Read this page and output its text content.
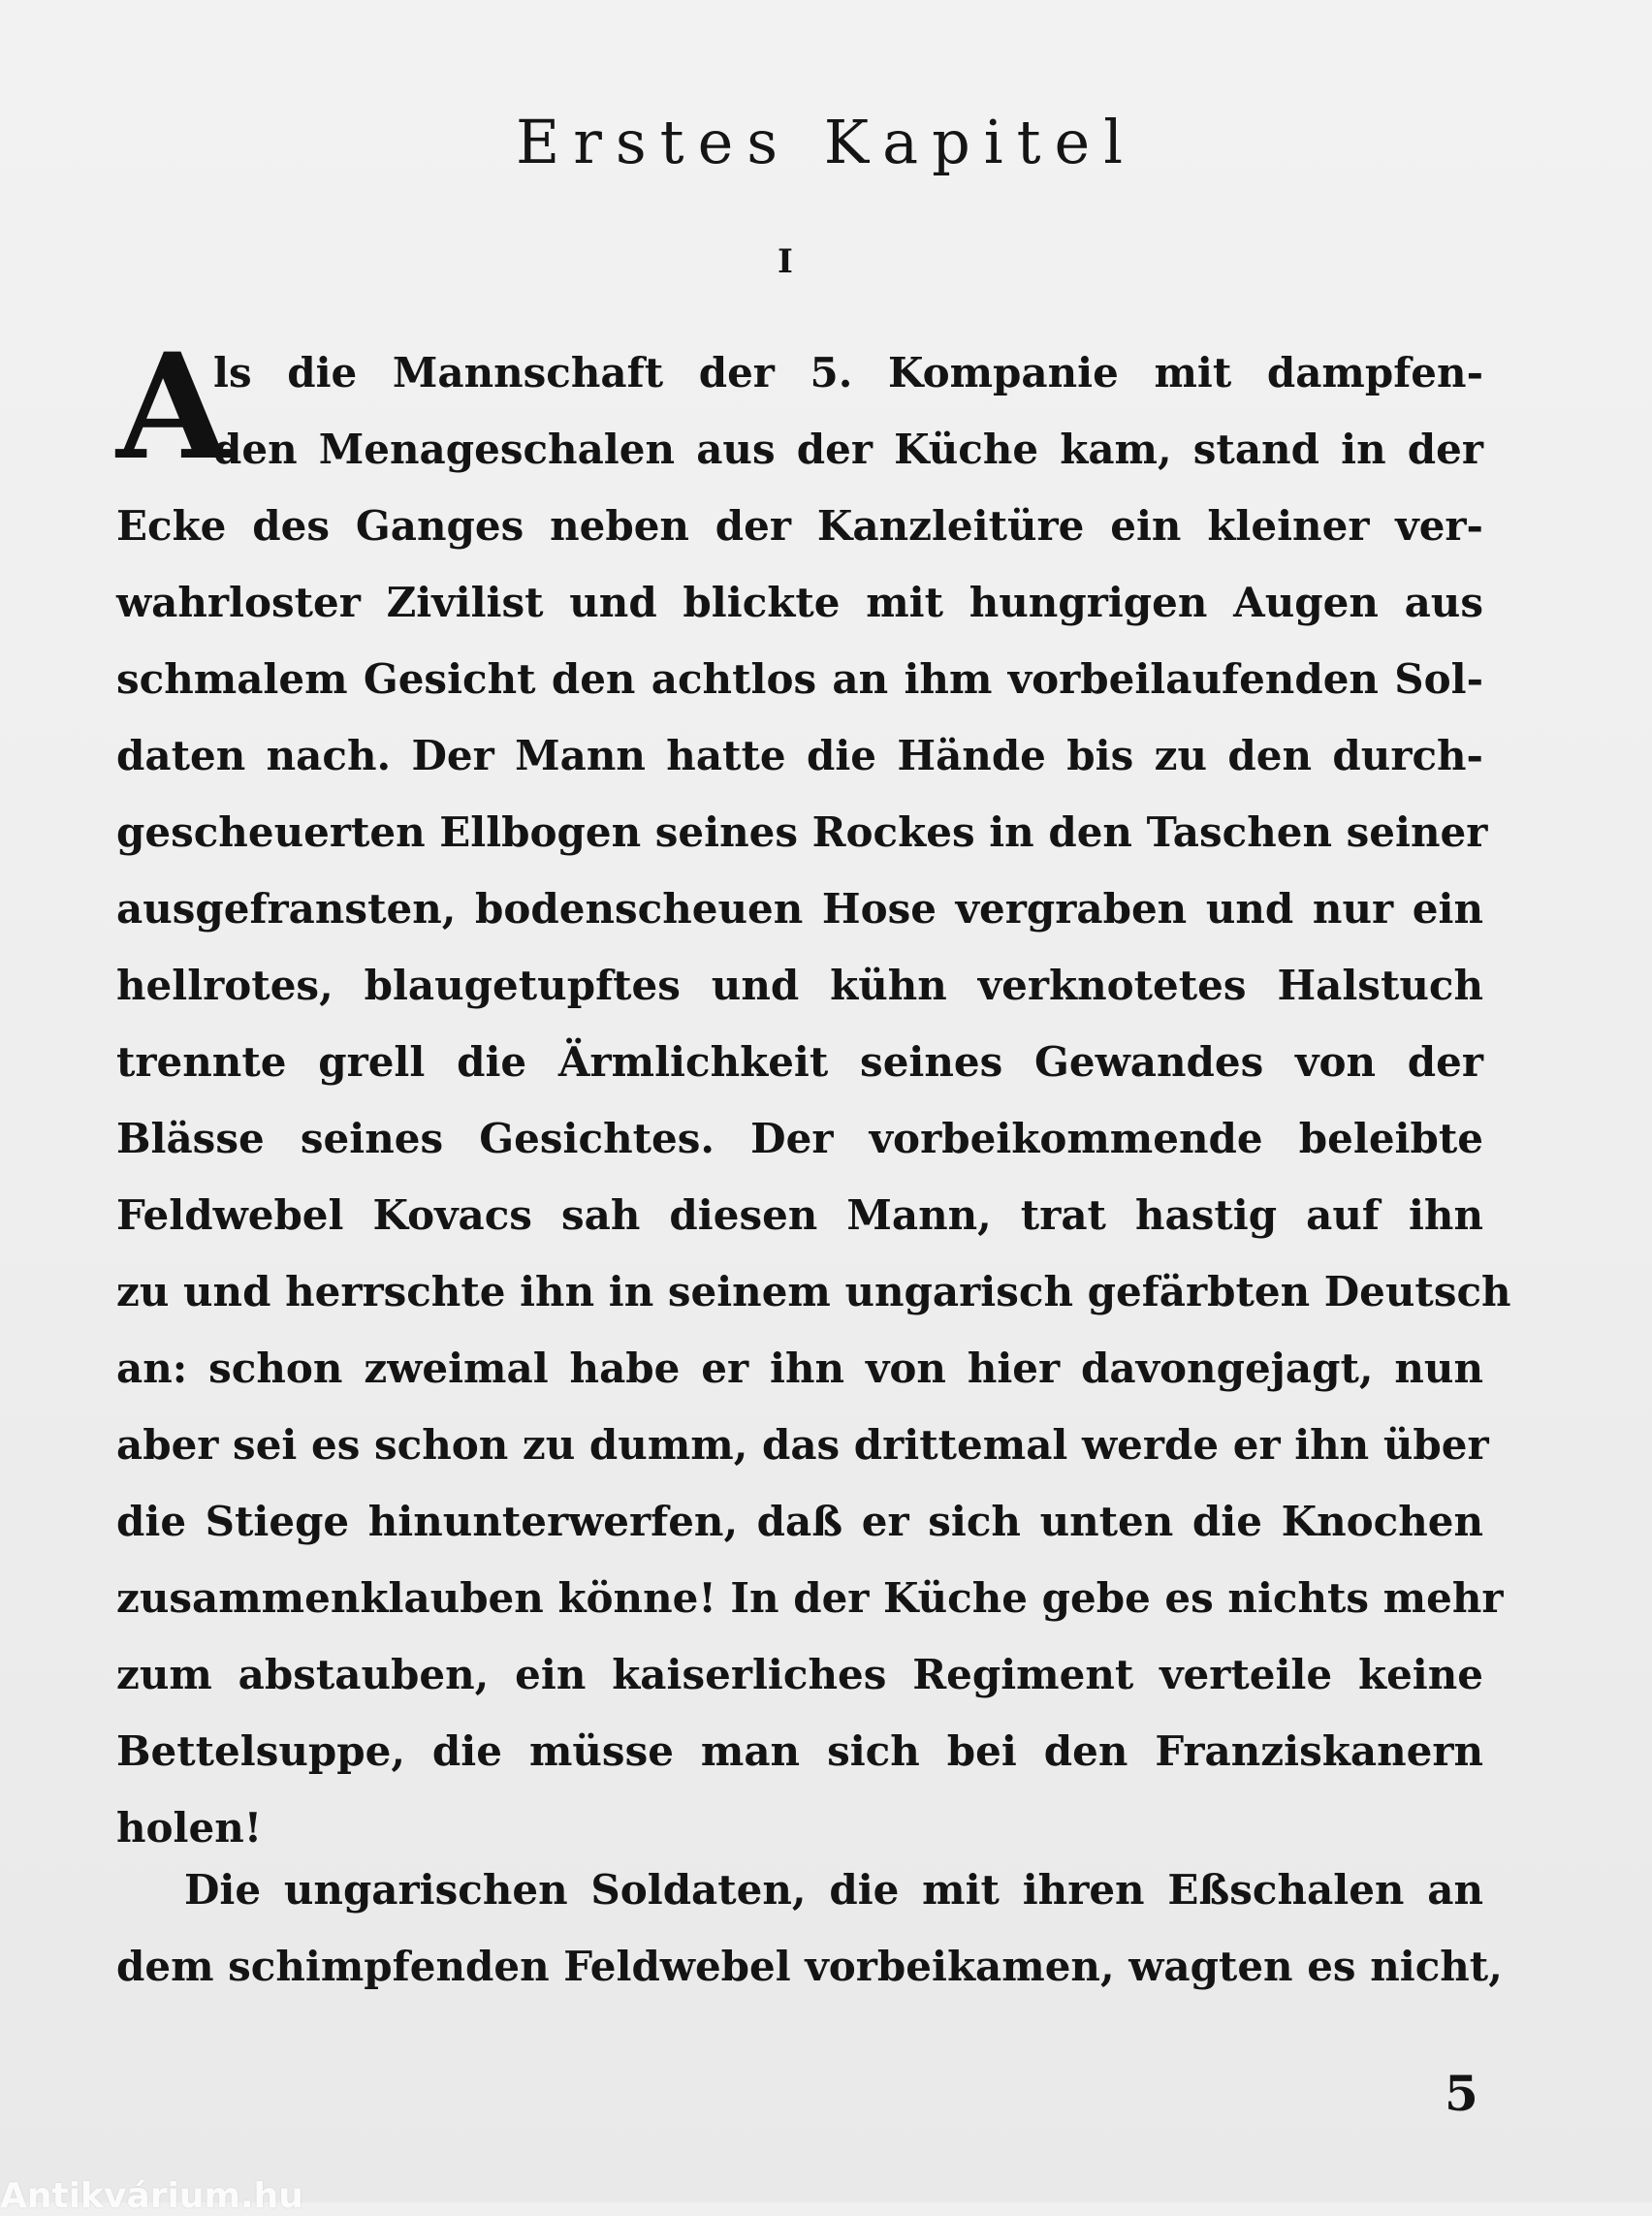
Erstes Kapitel
I
A
ls die Mannschaft der 5. Kompanie mit dampfen-
den Menageschalen aus der Küche kam, stand in der
Ecke des Ganges neben der Kanzleitüre ein kleiner ver-
wahrloster Zivilist und blickte mit hungrigen Augen aus
schmalem Gesicht den achtlos an ihm vorbeilaufenden Sol-
daten nach. Der Mann hatte die Hände bis zu den durch-
gescheuerten Ellbogen seines Rockes in den Taschen seiner
ausgefransten, bodenscheuen Hose vergraben und nur ein
hellrotes, blaugetupftes und kühn verknotetes Halstuch
trennte grell die Ärmlichkeit seines Gewandes von der
Blässe seines Gesichtes. Der vorbeikommende beleibte
Feldwebel Kovacs sah diesen Mann, trat hastig auf ihn
zu und herrschte ihn in seinem ungarisch gefärbten Deutsch
an: schon zweimal habe er ihn von hier davongejagt, nun
aber sei es schon zu dumm, das drittemal werde er ihn über
die Stiege hinunterwerfen, daß er sich unten die Knochen
zusammenklauben könne! In der Küche gebe es nichts mehr
zum abstauben, ein kaiserliches Regiment verteile keine
Bettelsuppe, die müsse man sich bei den Franziskanern
holen!
Die ungarischen Soldaten, die mit ihren Eßschalen an
dem schimpfenden Feldwebel vorbeikamen, wagten es nicht,
5
Antikvárium.hu
